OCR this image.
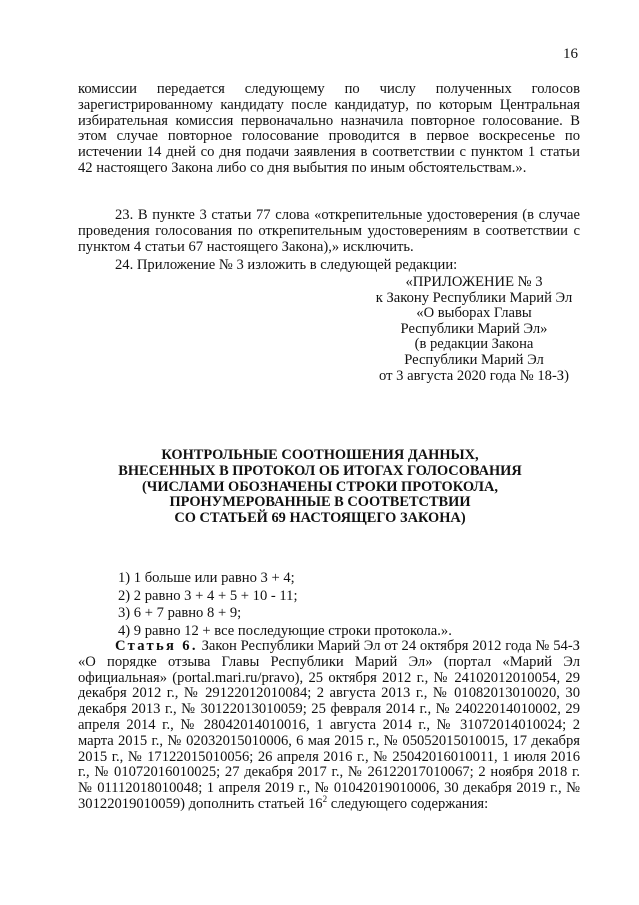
16

комиссии передается следующему по числу полученных голосов зарегистрированному кандидату после кандидатур, по которым Центральная избирательная комиссия первоначально назначила повторное голосование. В этом случае повторное голосование проводится в первое воскресенье по истечении 14 дней со дня подачи заявления в соответствии с пунктом 1 статьи 42 настоящего Закона либо со дня выбытия по иным обстоятельствам.».

23. В пункте 3 статьи 77 слова «открепительные удостоверения (в случае проведения голосования по открепительным удостоверениям в соответствии с пунктом 4 статьи 67 настоящего Закона),» исключить.

24. Приложение № 3 изложить в следующей редакции:
«ПРИЛОЖЕНИЕ № 3
к Закону Республики Марий Эл
«О выборах Главы
Республики Марий Эл»
(в редакции Закона
Республики Марий Эл
от 3 августа 2020 года № 18-З)
КОНТРОЛЬНЫЕ СООТНОШЕНИЯ ДАННЫХ,
ВНЕСЕННЫХ В ПРОТОКОЛ ОБ ИТОГАХ ГОЛОСОВАНИЯ
(ЧИСЛАМИ ОБОЗНАЧЕНЫ СТРОКИ ПРОТОКОЛА,
ПРОНУМЕРОВАННЫЕ В СООТВЕТСТВИИ
СО СТАТЬЕЙ 69 НАСТОЯЩЕГО ЗАКОНА)
1) 1 больше или равно 3 + 4;
2) 2 равно 3 + 4 + 5 + 10 - 11;
3) 6 + 7 равно 8 + 9;
4) 9 равно 12 + все последующие строки протокола.».

Статья 6. Закон Республики Марий Эл от 24 октября 2012 года № 54-З «О порядке отзыва Главы Республики Марий Эл» (портал «Марий Эл официальная» (portal.mari.ru/pravo), 25 октября 2012 г., № 24102012010054, 29 декабря 2012 г., № 29122012010084; 2 августа 2013 г., № 01082013010020, 30 декабря 2013 г., № 30122013010059; 25 февраля 2014 г., № 24022014010002, 29 апреля 2014 г., № 28042014010016, 1 августа 2014 г., № 31072014010024; 2 марта 2015 г., № 02032015010006, 6 мая 2015 г., № 05052015010015, 17 декабря 2015 г., № 17122015010056; 26 апреля 2016 г., № 25042016010011, 1 июля 2016 г., № 01072016010025; 27 декабря 2017 г., № 26122017010067; 2 ноября 2018 г. № 01112018010048; 1 апреля 2019 г., № 01042019010006, 30 декабря 2019 г., № 30122019010059) дополнить статьей $16^2$ следующего содержания:
